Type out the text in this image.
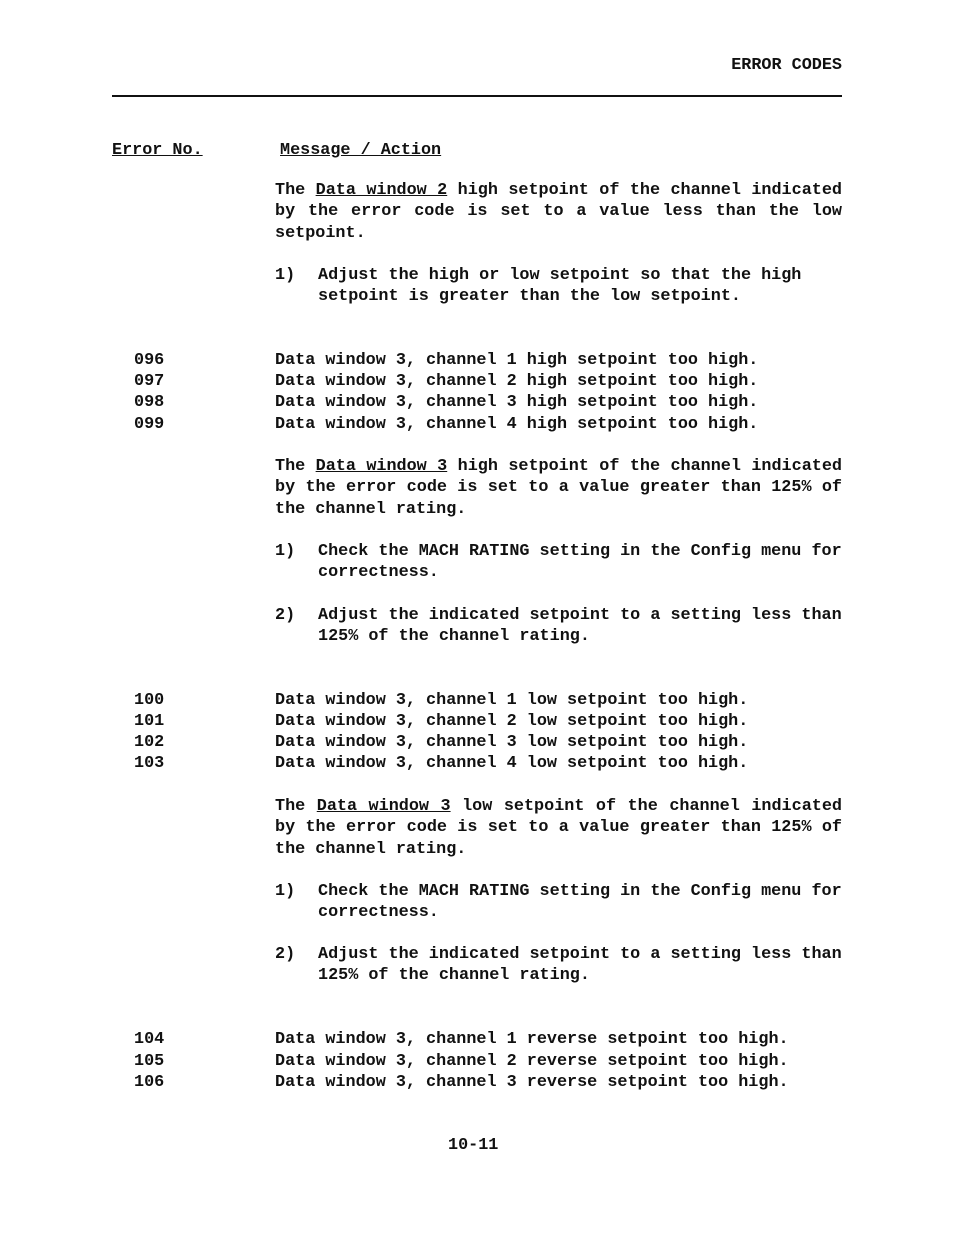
ERROR CODES
Error No.	Message / Action
The Data window 2 high setpoint of the channel indicated by the error code is set to a value less than the low setpoint.
1) Adjust the high or low setpoint so that the high setpoint is greater than the low setpoint.
096	Data window 3, channel 1 high setpoint too high.
097	Data window 3, channel 2 high setpoint too high.
098	Data window 3, channel 3 high setpoint too high.
099	Data window 3, channel 4 high setpoint too high.
The Data window 3 high setpoint of the channel indicated by the error code is set to a value greater than 125% of the channel rating.
1) Check the MACH RATING setting in the Config menu for correctness.
2) Adjust the indicated setpoint to a setting less than 125% of the channel rating.
100	Data window 3, channel 1 low setpoint too high.
101	Data window 3, channel 2 low setpoint too high.
102	Data window 3, channel 3 low setpoint too high.
103	Data window 3, channel 4 low setpoint too high.
The Data window 3 low setpoint of the channel indicated by the error code is set to a value greater than 125% of the channel rating.
1) Check the MACH RATING setting in the Config menu for correctness.
2) Adjust the indicated setpoint to a setting less than 125% of the channel rating.
104	Data window 3, channel 1 reverse setpoint too high.
105	Data window 3, channel 2 reverse setpoint too high.
106	Data window 3, channel 3 reverse setpoint too high.
10-11
